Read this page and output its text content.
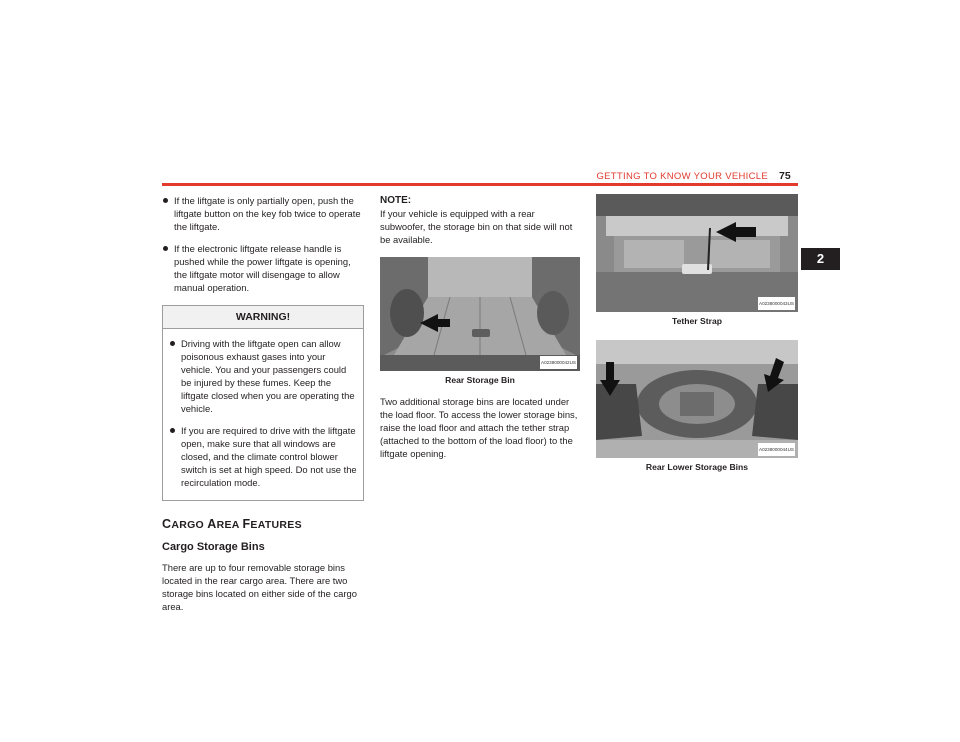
GETTING TO KNOW YOUR VEHICLE 75
2
If the liftgate is only partially open, push the liftgate button on the key fob twice to operate the liftgate.
If the electronic liftgate release handle is pushed while the power liftgate is opening, the liftgate motor will disengage to allow manual operation.
WARNING!
Driving with the liftgate open can allow poisonous exhaust gases into your vehicle. You and your passengers could be injured by these fumes. Keep the liftgate closed when you are operating the vehicle.
If you are required to drive with the liftgate open, make sure that all windows are closed, and the climate control blower switch is set at high speed. Do not use the recirculation mode.
CARGO AREA FEATURES
Cargo Storage Bins
There are up to four removable storage bins located in the rear cargo area. There are two storage bins located on either side of the cargo area.
NOTE:
If your vehicle is equipped with a rear subwoofer, the storage bin on that side will not be available.
A0238000042US
Rear Storage Bin
Two additional storage bins are located under the load floor. To access the lower storage bins, raise the load floor and attach the tether strap (attached to the bottom of the load floor) to the liftgate opening.
A0238000043US
Tether Strap
A0238000044US
Rear Lower Storage Bins
